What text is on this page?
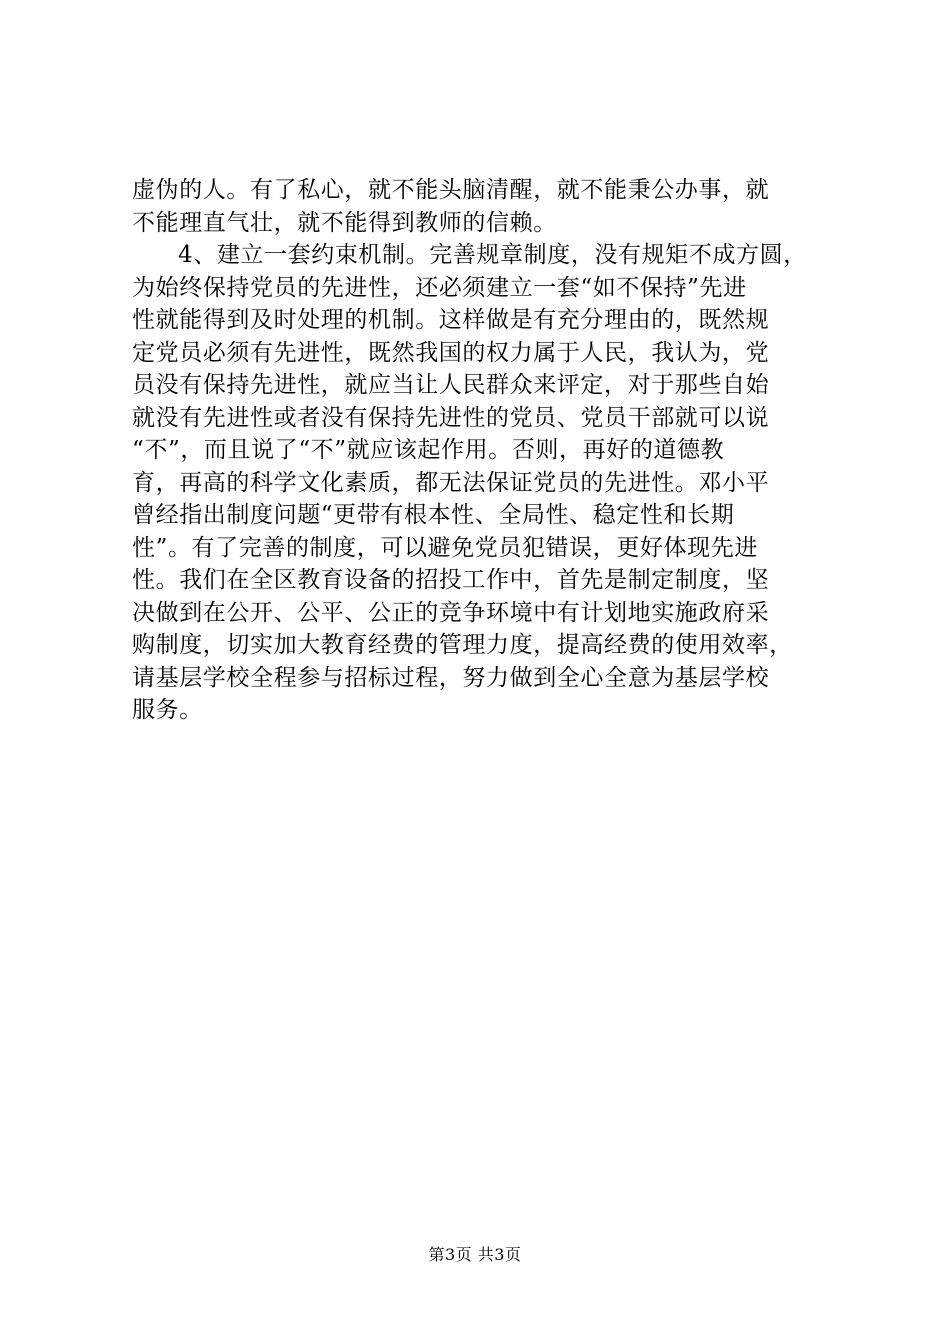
虚伪的人。有了私心，就不能头脑清醒，就不能秉公办事，就
不能理直气壮，就不能得到教师的信赖。
4、建立一套约束机制。完善规章制度，没有规矩不成方圆，
为始终保持党员的先进性，还必须建立一套“如不保持”先进
性就能得到及时处理的机制。这样做是有充分理由的，既然规
定党员必须有先进性，既然我国的权力属于人民，我认为，党
员没有保持先进性，就应当让人民群众来评定，对于那些自始
就没有先进性或者没有保持先进性的党员、党员干部就可以说
“不”，而且说了“不”就应该起作用。否则，再好的道德教
育，再高的科学文化素质，都无法保证党员的先进性。邓小平
曾经指出制度问题“更带有根本性、全局性、稳定性和长期
性”。有了完善的制度，可以避免党员犯错误，更好体现先进
性。我们在全区教育设备的招投工作中，首先是制定制度，坚
决做到在公开、公平、公正的竞争环境中有计划地实施政府采
购制度，切实加大教育经费的管理力度，提高经费的使用效率，
请基层学校全程参与招标过程，努力做到全心全意为基层学校
服务。
第3页 共3页
